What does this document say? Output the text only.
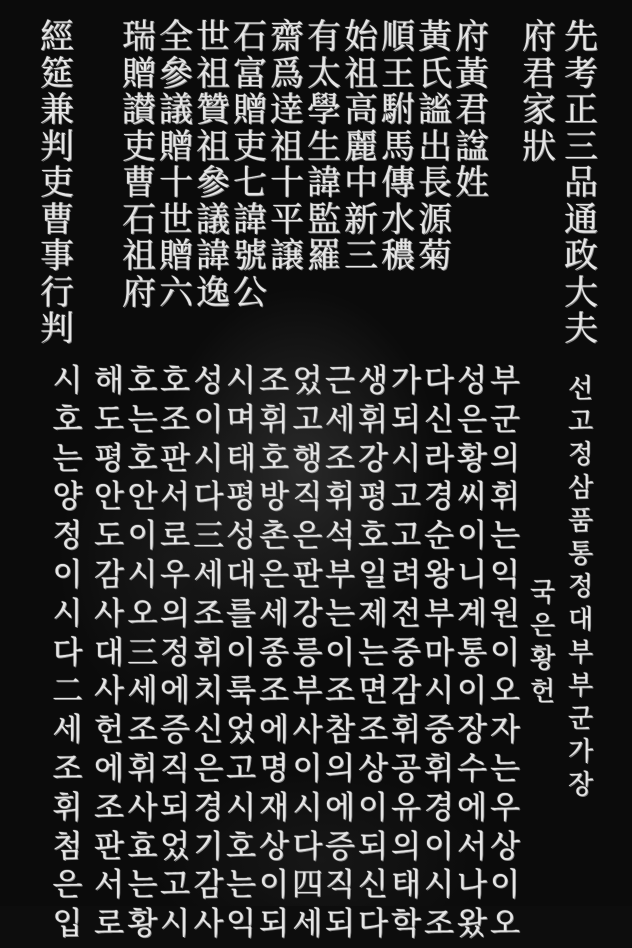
先
考
正
三
品
通
政
大
夫
府
君
家
狀
府
黃
君
諡
姓
黃
氏
謐
出
長
源
菊
順
王
駙
馬
傳
水
穠
始
祖
高
麗
中
新
三
有
太
學
生
諱
監
羅
齋
爲
逹
祖
十
平
譲
石
富
贈
吏
七
諱
號
公
世
祖
贊
祖
參
議
諱
逸
全
參
議
贈
十
世
贈
六
瑞
贈
讃
吏
曹
石
祖
府
經
筵
兼
判
吏
曹
事
行
判
선
고
정
삼
품
통
정
대
부
부
군
가
장
국
은
황
헌
부
군
의
휘
는
익
원
이
오
자
는
우
상
이
오
성
은
황
씨
이
니
계
통
이
장
수
에
서
나
왔
다
신
라
경
순
왕
부
마
시
중
휘
경
이
시
조
가
되
시
고
고
려
전
중
감
휘
공
유
의
태
학
생
휘
강
평
호
일
제
는
면
조
상
이
되
신
다
근
세
조
휘
석
부
는
이
조
참
의
에
증
직
되
었
고
행
직
은
판
강
릉
부
사
이
시
다
四
세
조
휘
호
방
촌
은
세
종
조
에
명
재
상
이
되
시
며
태
평
성
대
를
이
룩
었
고
시
호
는
익
성
이
시
다
三
세
조
휘
치
신
은
경
기
감
사
호
조
판
서
로
우
의
정
에
증
직
되
었
고
시
호
는
호
안
이
시
오
三
세
조
휘
사
효
는
황
해
도
평
안
도
감
사
대
사
헌
에
조
판
서
로
시
호
는
양
정
이
시
다
二
세
조
휘
첨
은
입
